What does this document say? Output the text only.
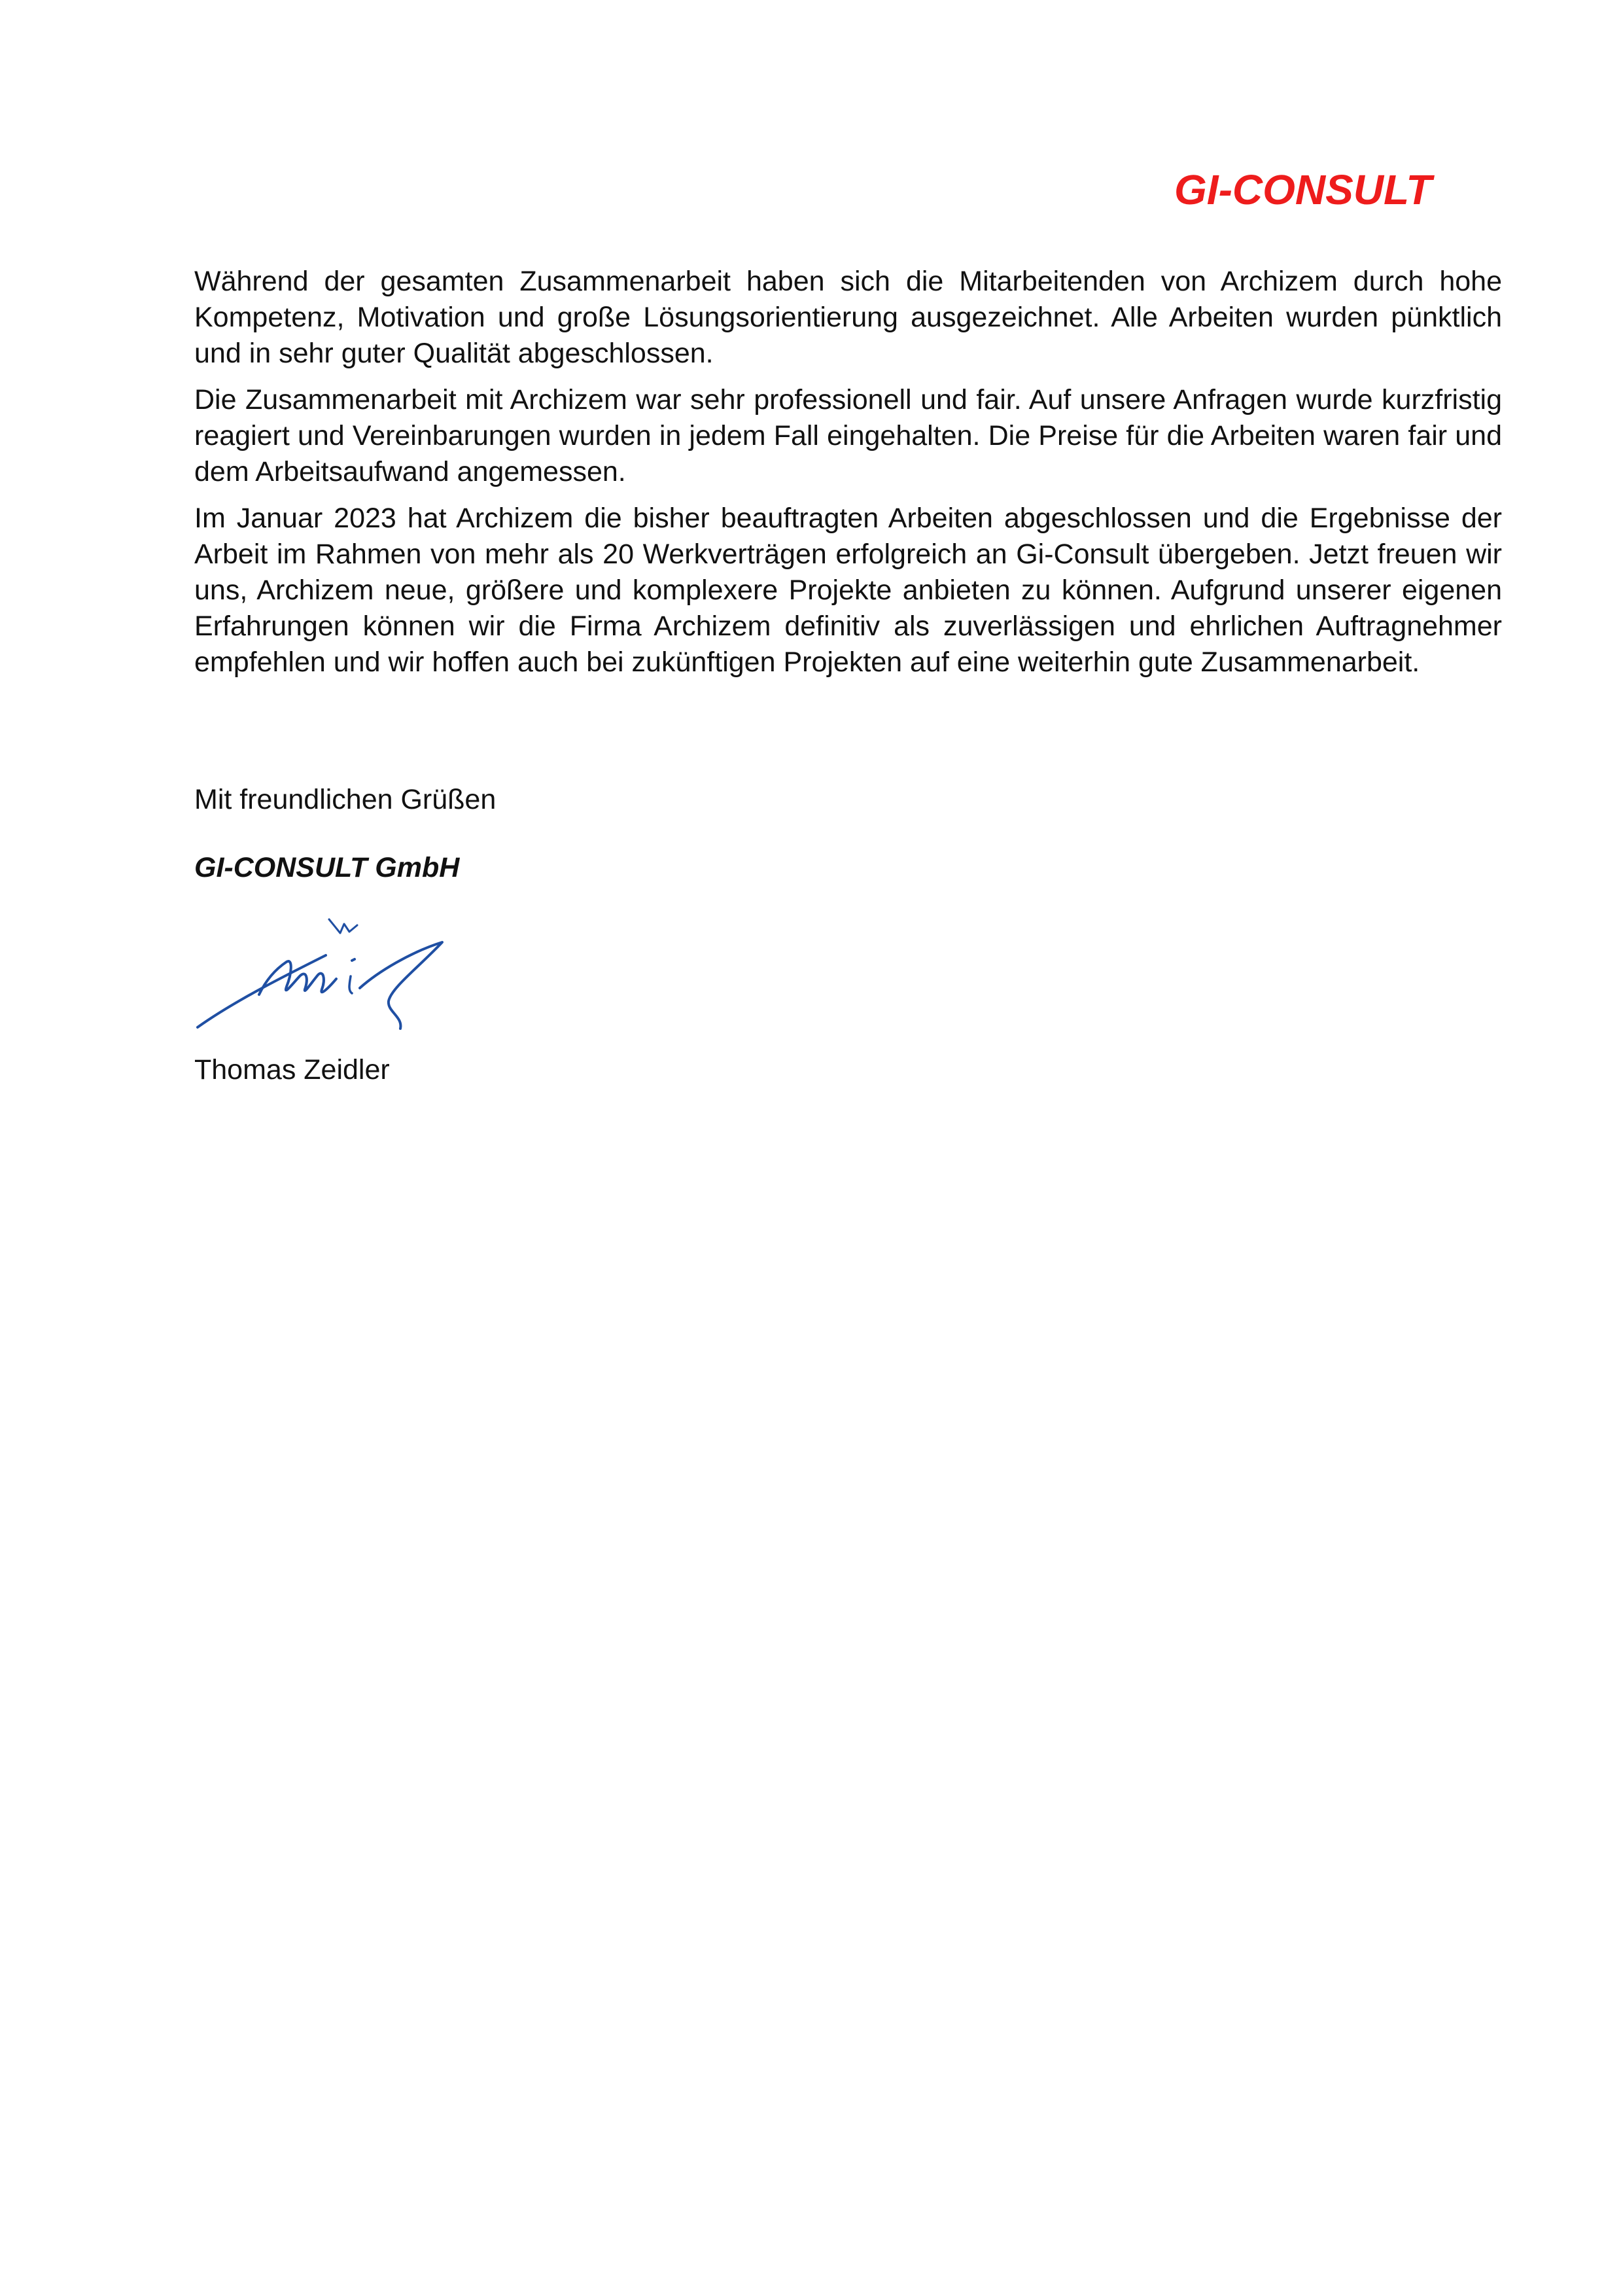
GI-CONSULT

Während der gesamten Zusammenarbeit haben sich die Mitarbeitenden von Archizem durch hohe Kompetenz, Motivation und große Lösungsorientierung ausgezeichnet. Alle Arbeiten wurden pünktlich und in sehr guter Qualität abgeschlossen.

Die Zusammenarbeit mit Archizem war sehr professionell und fair. Auf unsere Anfragen wurde kurzfristig reagiert und Vereinbarungen wurden in jedem Fall eingehalten. Die Preise für die Arbeiten waren fair und dem Arbeitsaufwand angemessen.

Im Januar 2023 hat Archizem die bisher beauftragten Arbeiten abgeschlossen und die Ergebnisse der Arbeit im Rahmen von mehr als 20 Werkverträgen erfolgreich an Gi-Consult übergeben. Jetzt freuen wir uns, Archizem neue, größere und komplexere Projekte anbieten zu können. Aufgrund unserer eigenen Erfahrungen können wir die Firma Archizem definitiv als zuverlässigen und ehrlichen Auftragnehmer empfehlen und wir hoffen auch bei zukünftigen Projekten auf eine weiterhin gute Zusammenarbeit.

Mit freundlichen Grüßen
GI-CONSULT GmbH
Thomas Zeidler
